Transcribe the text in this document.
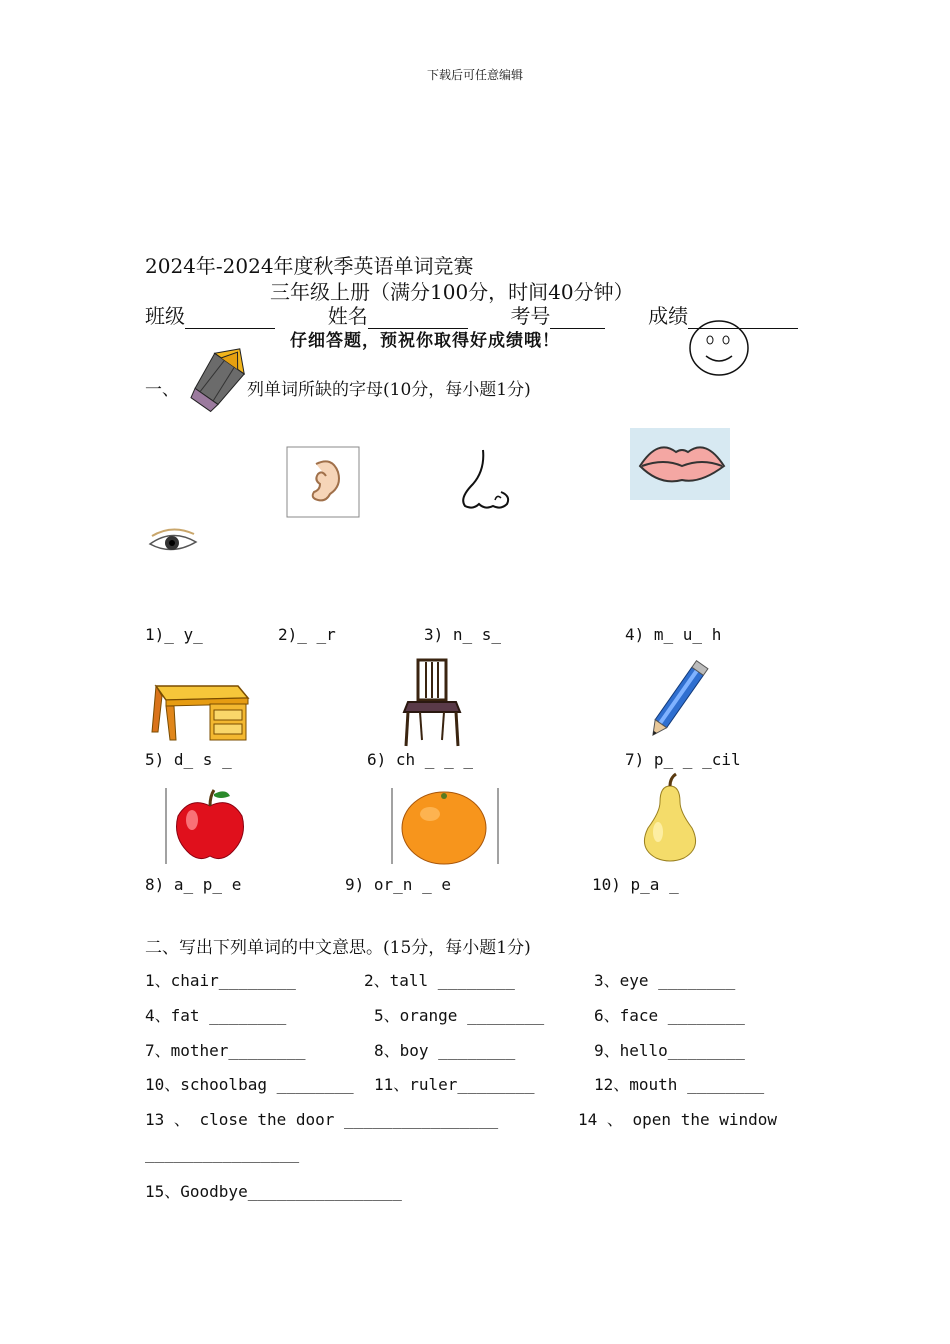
下载后可任意编辑
2024年-2024年度秋季英语单词竞赛
三年级上册（满分100分，时间40分钟）
班级	姓名	考号	成绩
仔细答题，预祝你取得好成绩哦！
一、	列单词所缺的字母(10分，每小题1分)
1)_ y_	2)_ _r	3) n_ s_	4) m_ u_ h
5) d_ s _	6) ch _ _ _	7) p_ _ _cil
8) a_ p_ e	9) or_n _ e	10) p_a _
二、写出下列单词的中文意思。(15分，每小题1分)
1、chair________	2、tall ________	3、eye ________
4、fat ________	5、orange ________	6、face ________
7、mother________	8、boy ________	9、hello________
10、schoolbag ________ 11、ruler________	12、mouth ________
13 、 close the door ________________	14 、 open the window
________________
15、Goodbye________________
